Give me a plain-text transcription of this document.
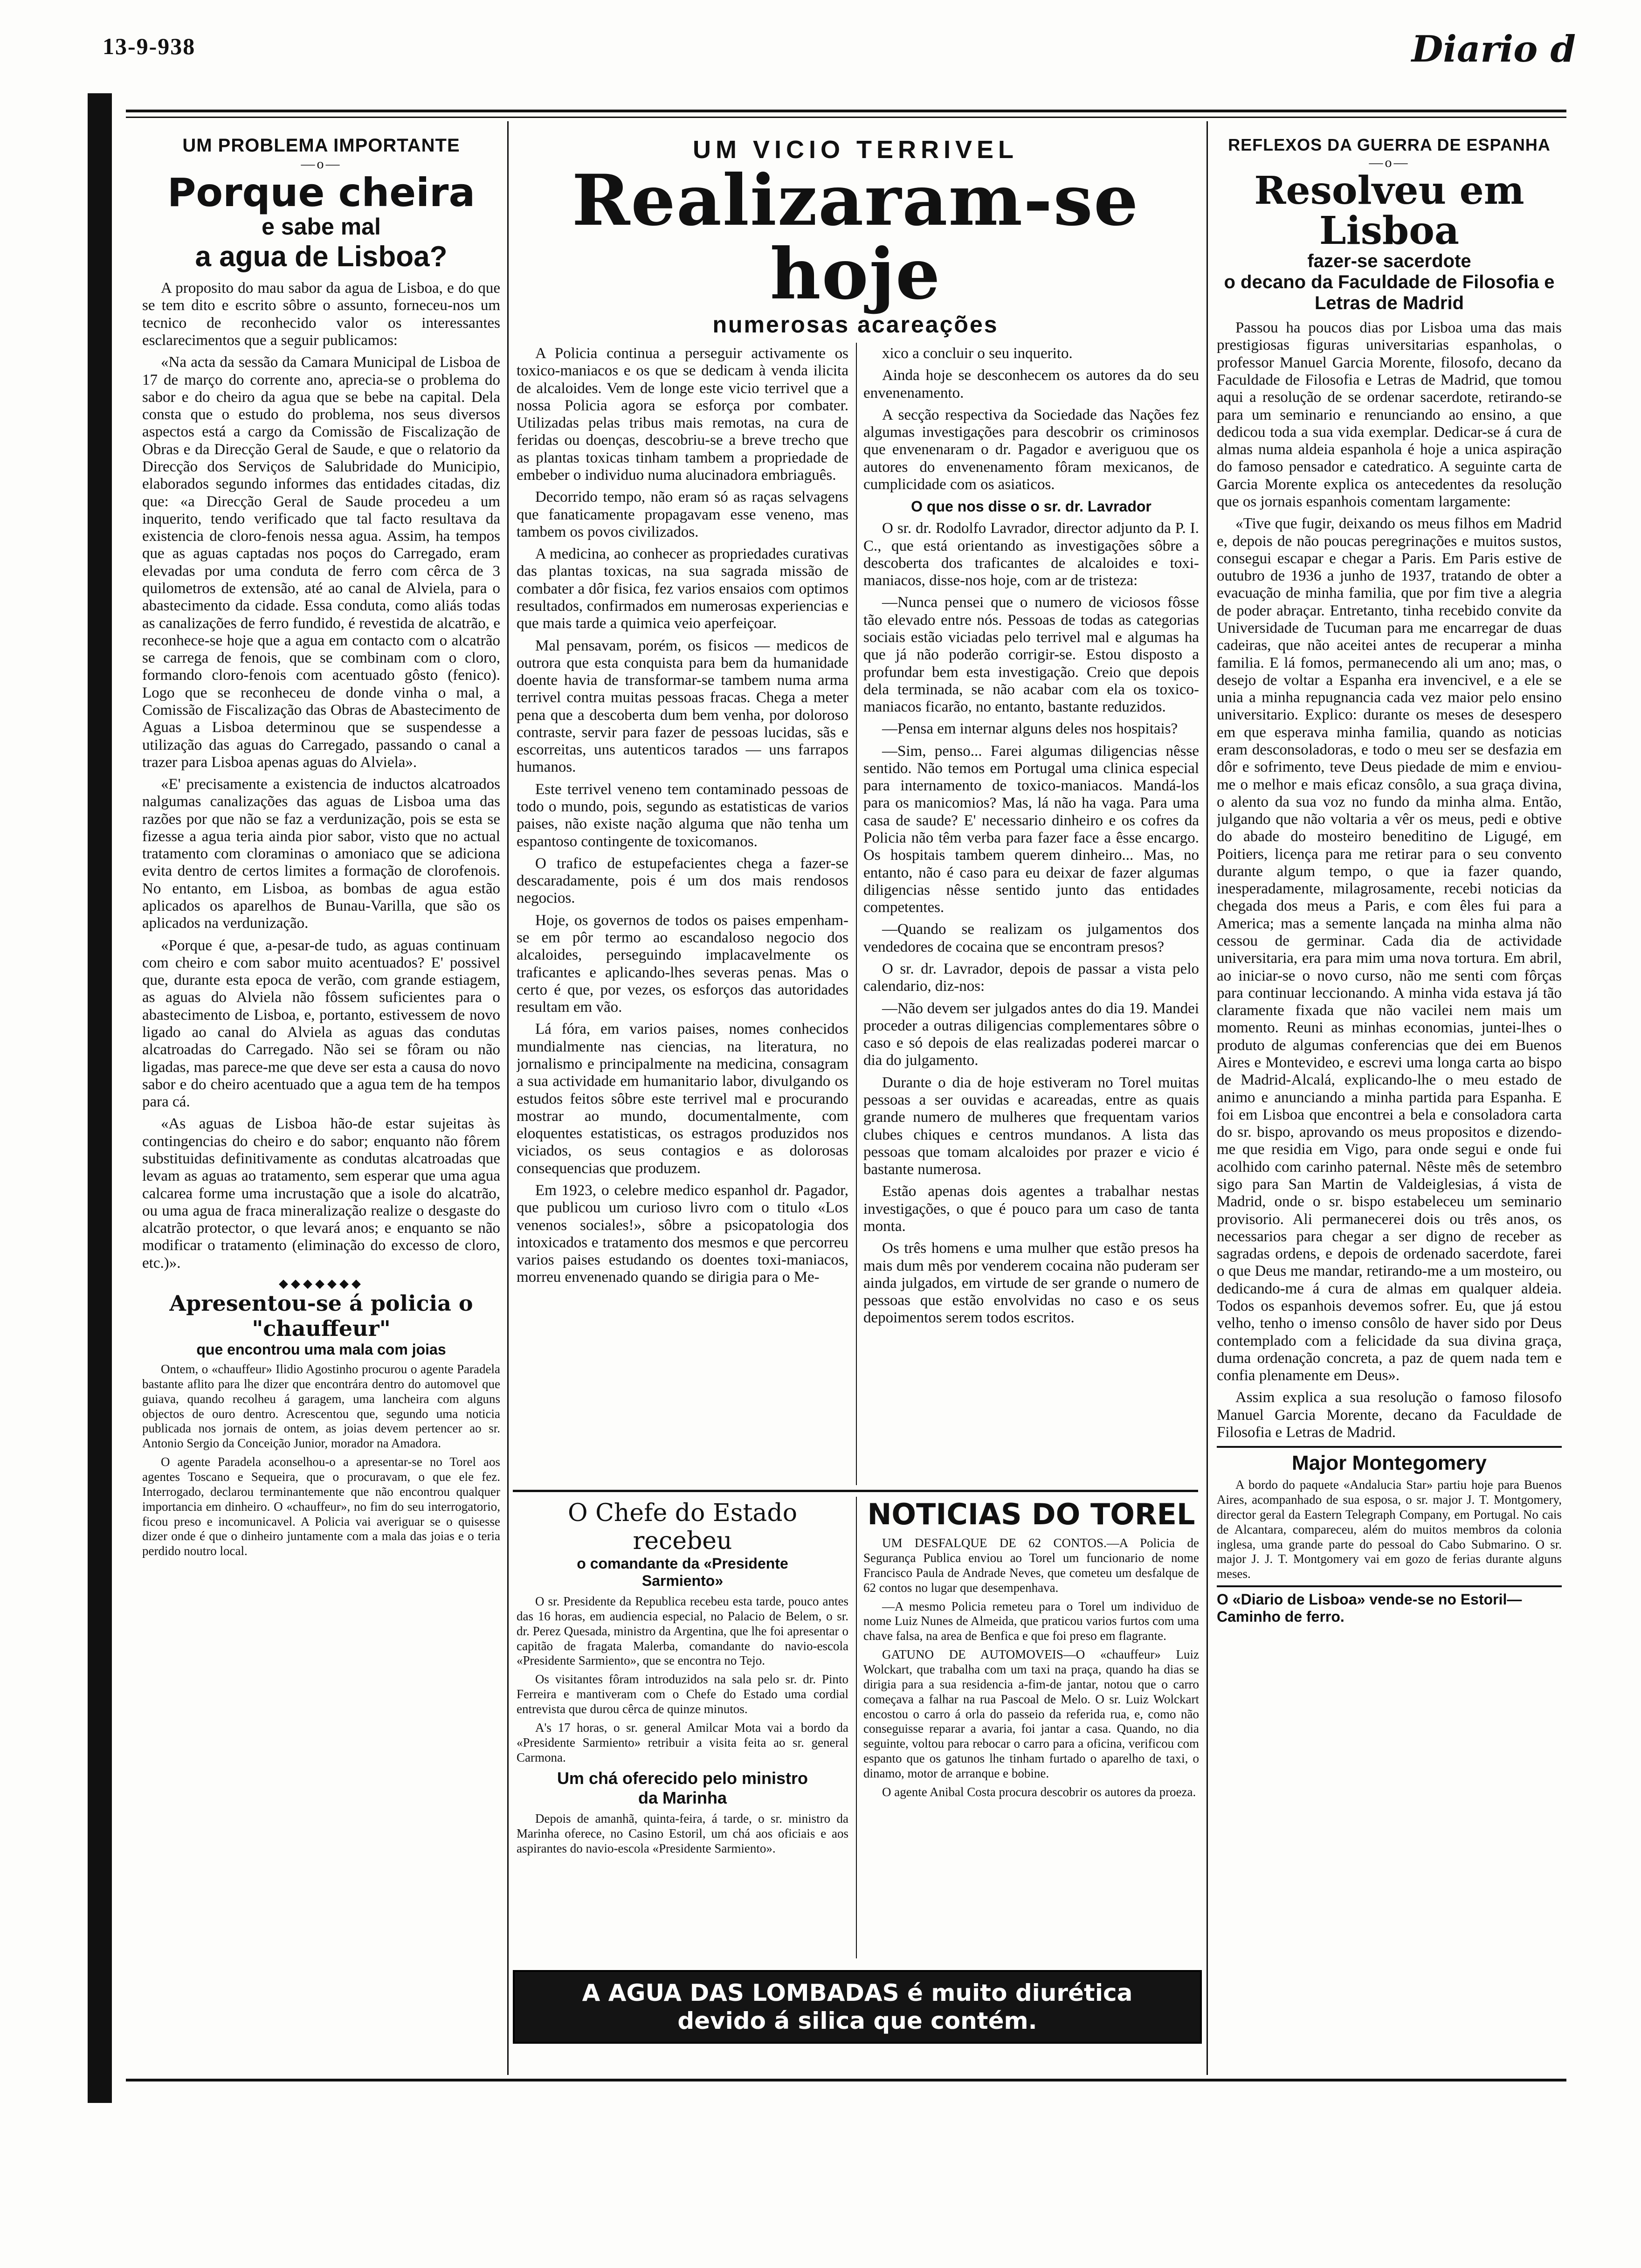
13-9-938	Diario d
UM PROBLEMA IMPORTANTE
—o—
Porque cheira
e sabe mal
a agua de Lisboa?

A proposito do mau sabor da agua de Lisboa, e do que se tem dito e escrito sôbre o assunto, forneceu-nos um tecnico de reconhecido valor os interessantes esclarecimentos que a seguir publicamos:

«Na acta da sessão da Camara Municipal de Lisboa de 17 de março do corrente ano, aprecia-se o problema do sabor e do cheiro da agua que se bebe na capital. Dela consta que o estudo do problema, nos seus diversos aspectos está a cargo da Comissão de Fiscalização de Obras e da Direcção Geral de Saude, e que o relatorio da Direcção dos Serviços de Salubridade do Municipio, elaborados segundo informes das entidades citadas, diz que: «a Direcção Geral de Saude procedeu a um inquerito, tendo verificado que tal facto resultava da existencia de cloro-fenois nessa agua. Assim, ha tempos que as aguas captadas nos poços do Carregado, eram elevadas por uma conduta de ferro com cêrca de 3 quilometros de extensão, até ao canal de Alviela, para o abastecimento da cidade. Essa conduta, como aliás todas as canalizações de ferro fundido, é revestida de alcatrão, e reconhece-se hoje que a agua em contacto com o alcatrão se carrega de fenois, que se combinam com o cloro, formando cloro-fenois com acentuado gôsto (fenico). Logo que se reconheceu de donde vinha o mal, a Comissão de Fiscalização das Obras de Abastecimento de Aguas a Lisboa determinou que se suspendesse a utilização das aguas do Carregado, passando o canal a trazer para Lisboa apenas aguas do Alviela».

«E' precisamente a existencia de inductos alcatroados nalgumas canalizações das aguas de Lisboa uma das razões por que não se faz a verdunização, pois se esta se fizesse a agua teria ainda pior sabor, visto que no actual tratamento com cloraminas o amoniaco que se adiciona evita dentro de certos limites a formação de clorofenois. No entanto, em Lisboa, as bombas de agua estão aplicados os aparelhos de Bunau-Varilla, que são os aplicados na verdunização.

«Porque é que, a-pesar-de tudo, as aguas continuam com cheiro e com sabor muito acentuados? E' possivel que, durante esta epoca de verão, com grande estiagem, as aguas do Alviela não fôssem suficientes para o abastecimento de Lisboa, e, portanto, estivessem de novo ligado ao canal do Alviela as aguas das condutas alcatroadas do Carregado. Não sei se fôram ou não ligadas, mas parece-me que deve ser esta a causa do novo sabor e do cheiro acentuado que a agua tem de ha tempos para cá.

«As aguas de Lisboa hão-de estar sujeitas às contingencias do cheiro e do sabor; enquanto não fôrem substituidas definitivamente as condutas alcatroadas que levam as aguas ao tratamento, sem esperar que uma agua calcarea forme uma incrustação que a isole do alcatrão, ou uma agua de fraca mineralização realize o desgaste do alcatrão protector, o que levará anos; e enquanto se não modificar o tratamento (eliminação do excesso de cloro, etc.)».

◆◆◆◆◆◆◆
Apresentou-se á policia o "chauffeur"
que encontrou uma mala com joias

Ontem, o «chauffeur» Ilidio Agostinho procurou o agente Paradela bastante aflito para lhe dizer que encontrára dentro do automovel que guiava, quando recolheu á garagem, uma lancheira com alguns objectos de ouro dentro. Acrescentou que, segundo uma noticia publicada nos jornais de ontem, as joias devem pertencer ao sr. Antonio Sergio da Conceição Junior, morador na Amadora.

O agente Paradela aconselhou-o a apresentar-se no Torel aos agentes Toscano e Sequeira, que o procuravam, o que ele fez. Interrogado, declarou terminantemente que não encontrou qualquer importancia em dinheiro. O «chauffeur», no fim do seu interrogatorio, ficou preso e incomunicavel. A Policia vai averiguar se o quisesse dizer onde é que o dinheiro juntamente com a mala das joias e o teria perdido noutro local.

UM VICIO TERRIVEL
Realizaram-se hoje
numerosas acareações

A Policia continua a perseguir activamente os toxico-maniacos e os que se dedicam à venda ilicita de alcaloides. Vem de longe este vicio terrivel que a nossa Policia agora se esforça por combater. Utilizadas pelas tribus mais remotas, na cura de feridas ou doenças, descobriu-se a breve trecho que as plantas toxicas tinham tambem a propriedade de embeber o individuo numa alucinadora embriaguês.

Decorrido tempo, não eram só as raças selvagens que fanaticamente propagavam esse veneno, mas tambem os povos civilizados.

A medicina, ao conhecer as propriedades curativas das plantas toxicas, na sua sagrada missão de combater a dôr fisica, fez varios ensaios com optimos resultados, confirmados em numerosas experiencias e que mais tarde a quimica veio aperfeiçoar.

Mal pensavam, porém, os fisicos — medicos de outrora que esta conquista para bem da humanidade doente havia de transformar-se tambem numa arma terrivel contra muitas pessoas fracas. Chega a meter pena que a descoberta dum bem venha, por doloroso contraste, servir para fazer de pessoas lucidas, sãs e escorreitas, uns autenticos tarados — uns farrapos humanos.

Este terrivel veneno tem contaminado pessoas de todo o mundo, pois, segundo as estatisticas de varios paises, não existe nação alguma que não tenha um espantoso contingente de toxicomanos.

O trafico de estupefacientes chega a fazer-se descaradamente, pois é um dos mais rendosos negocios.

Hoje, os governos de todos os paises empenham-se em pôr termo ao escandaloso negocio dos alcaloides, perseguindo implacavelmente os traficantes e aplicando-lhes severas penas. Mas o certo é que, por vezes, os esforços das autoridades resultam em vão.

Lá fóra, em varios paises, nomes conhecidos mundialmente nas ciencias, na literatura, no jornalismo e principalmente na medicina, consagram a sua actividade em humanitario labor, divulgando os estudos feitos sôbre este terrivel mal e procurando mostrar ao mundo, documentalmente, com eloquentes estatisticas, os estragos produzidos nos viciados, os seus contagios e as dolorosas consequencias que produzem.

Em 1923, o celebre medico espanhol dr. Pagador, que publicou um curioso livro com o titulo «Los venenos sociales!», sôbre a psicopatologia dos intoxicados e tratamento dos mesmos e que percorreu varios paises estudando os doentes toxi-maniacos, morreu envenenado quando se dirigia para o Me-

xico a concluir o seu inquerito.

Ainda hoje se desconhecem os autores da do seu envenenamento.

A secção respectiva da Sociedade das Nações fez algumas investigações para descobrir os criminosos que envenenaram o dr. Pagador e averiguou que os autores do envenenamento fôram mexicanos, de cumplicidade com os asiaticos.

O que nos disse o sr. dr. Lavrador

O sr. dr. Rodolfo Lavrador, director adjunto da P. I. C., que está orientando as investigações sôbre a descoberta dos traficantes de alcaloides e toxi-maniacos, disse-nos hoje, com ar de tristeza:

—Nunca pensei que o numero de viciosos fôsse tão elevado entre nós. Pessoas de todas as categorias sociais estão viciadas pelo terrivel mal e algumas ha que já não poderão corrigir-se. Estou disposto a profundar bem esta investigação. Creio que depois dela terminada, se não acabar com ela os toxico-maniacos ficarão, no entanto, bastante reduzidos.

—Pensa em internar alguns deles nos hospitais?

—Sim, penso... Farei algumas diligencias nêsse sentido. Não temos em Portugal uma clinica especial para internamento de toxico-maniacos. Mandá-los para os manicomios? Mas, lá não ha vaga. Para uma casa de saude? E' necessario dinheiro e os cofres da Policia não têm verba para fazer face a êsse encargo. Os hospitais tambem querem dinheiro... Mas, no entanto, não é caso para eu deixar de fazer algumas diligencias nêsse sentido junto das entidades competentes.

—Quando se realizam os julgamentos dos vendedores de cocaina que se encontram presos?

O sr. dr. Lavrador, depois de passar a vista pelo calendario, diz-nos:

—Não devem ser julgados antes do dia 19. Mandei proceder a outras diligencias complementares sôbre o caso e só depois de elas realizadas poderei marcar o dia do julgamento.

Durante o dia de hoje estiveram no Torel muitas pessoas a ser ouvidas e acareadas, entre as quais grande numero de mulheres que frequentam varios clubes chiques e centros mundanos. A lista das pessoas que tomam alcaloides por prazer e vicio é bastante numerosa.

Estão apenas dois agentes a trabalhar nestas investigações, o que é pouco para um caso de tanta monta.

Os três homens e uma mulher que estão presos ha mais dum mês por venderem cocaina não puderam ser ainda julgados, em virtude de ser grande o numero de pessoas que estão envolvidas no caso e os seus depoimentos serem todos escritos.

O Chefe do Estado recebeu
o comandante da «Presidente
Sarmiento»

O sr. Presidente da Republica recebeu esta tarde, pouco antes das 16 horas, em audiencia especial, no Palacio de Belem, o sr. dr. Perez Quesada, ministro da Argentina, que lhe foi apresentar o capitão de fragata Malerba, comandante do navio-escola «Presidente Sarmiento», que se encontra no Tejo.

Os visitantes fôram introduzidos na sala pelo sr. dr. Pinto Ferreira e mantiveram com o Chefe do Estado uma cordial entrevista que durou cêrca de quinze minutos.

A's 17 horas, o sr. general Amilcar Mota vai a bordo da «Presidente Sarmiento» retribuir a visita feita ao sr. general Carmona.

Um chá oferecido pelo ministro
da Marinha

Depois de amanhã, quinta-feira, á tarde, o sr. ministro da Marinha oferece, no Casino Estoril, um chá aos oficiais e aos aspirantes do navio-escola «Presidente Sarmiento».

NOTICIAS DO TOREL

UM DESFALQUE DE 62 CONTOS.—A Policia de Segurança Publica enviou ao Torel um funcionario de nome Francisco Paula de Andrade Neves, que cometeu um desfalque de 62 contos no lugar que desempenhava.

—A mesmo Policia remeteu para o Torel um individuo de nome Luiz Nunes de Almeida, que praticou varios furtos com uma chave falsa, na area de Benfica e que foi preso em flagrante.

GATUNO DE AUTOMOVEIS—O «chauffeur» Luiz Wolckart, que trabalha com um taxi na praça, quando ha dias se dirigia para a sua residencia a-fim-de jantar, notou que o carro começava a falhar na rua Pascoal de Melo. O sr. Luiz Wolckart encostou o carro á orla do passeio da referida rua, e, como não conseguisse reparar a avaria, foi jantar a casa. Quando, no dia seguinte, voltou para rebocar o carro para a oficina, verificou com espanto que os gatunos lhe tinham furtado o aparelho de taxi, o dinamo, motor de arranque e bobine.

O agente Anibal Costa procura descobrir os autores da proeza.

A AGUA DAS LOMBADAS é muito diurética
devido á silica que contém.
REFLEXOS DA GUERRA DE ESPANHA
—o—
Resolveu em Lisboa
fazer-se sacerdote
o decano da Faculdade de Filosofia e Letras de Madrid

Passou ha poucos dias por Lisboa uma das mais prestigiosas figuras universitarias espanholas, o professor Manuel Garcia Morente, filosofo, decano da Faculdade de Filosofia e Letras de Madrid, que tomou aqui a resolução de se ordenar sacerdote, retirando-se para um seminario e renunciando ao ensino, a que dedicou toda a sua vida exemplar. Dedicar-se á cura de almas numa aldeia espanhola é hoje a unica aspiração do famoso pensador e catedratico. A seguinte carta de Garcia Morente explica os antecedentes da resolução que os jornais espanhois comentam largamente:

«Tive que fugir, deixando os meus filhos em Madrid e, depois de não poucas peregrinações e muitos sustos, consegui escapar e chegar a Paris. Em Paris estive de outubro de 1936 a junho de 1937, tratando de obter a evacuação de minha familia, que por fim tive a alegria de poder abraçar. Entretanto, tinha recebido convite da Universidade de Tucuman para me encarregar de duas cadeiras, que não aceitei antes de recuperar a minha familia. E lá fomos, permanecendo ali um ano; mas, o desejo de voltar a Espanha era invencivel, e a ele se unia a minha repugnancia cada vez maior pelo ensino universitario. Explico: durante os meses de desespero em que esperava minha familia, quando as noticias eram desconsoladoras, e todo o meu ser se desfazia em dôr e sofrimento, teve Deus piedade de mim e enviou-me o melhor e mais eficaz consôlo, a sua graça divina, o alento da sua voz no fundo da minha alma. Então, julgando que não voltaria a vêr os meus, pedi e obtive do abade do mosteiro beneditino de Ligugé, em Poitiers, licença para me retirar para o seu convento durante algum tempo, o que ia fazer quando, inesperadamente, milagrosamente, recebi noticias da chegada dos meus a Paris, e com êles fui para a America; mas a semente lançada na minha alma não cessou de germinar. Cada dia de actividade universitaria, era para mim uma nova tortura. Em abril, ao iniciar-se o novo curso, não me senti com fôrças para continuar leccionando. A minha vida estava já tão claramente fixada que não vacilei nem mais um momento. Reuni as minhas economias, juntei-lhes o produto de algumas conferencias que dei em Buenos Aires e Montevideo, e escrevi uma longa carta ao bispo de Madrid-Alcalá, explicando-lhe o meu estado de animo e anunciando a minha partida para Espanha. E foi em Lisboa que encontrei a bela e consoladora carta do sr. bispo, aprovando os meus propositos e dizendo-me que residia em Vigo, para onde segui e onde fui acolhido com carinho paternal. Nêste mês de setembro sigo para San Martin de Valdeiglesias, á vista de Madrid, onde o sr. bispo estabeleceu um seminario provisorio. Ali permanecerei dois ou três anos, os necessarios para chegar a ser digno de receber as sagradas ordens, e depois de ordenado sacerdote, farei o que Deus me mandar, retirando-me a um mosteiro, ou dedicando-me á cura de almas em qualquer aldeia. Todos os espanhois devemos sofrer. Eu, que já estou velho, tenho o imenso consôlo de haver sido por Deus contemplado com a felicidade da sua divina graça, duma ordenação concreta, a paz de quem nada tem e confia plenamente em Deus».

Assim explica a sua resolução o famoso filosofo Manuel Garcia Morente, decano da Faculdade de Filosofia e Letras de Madrid.

Major Montegomery

A bordo do paquete «Andalucia Star» partiu hoje para Buenos Aires, acompanhado de sua esposa, o sr. major J. T. Montgomery, director geral da Eastern Telegraph Company, em Portugal. No cais de Alcantara, compareceu, além do muitos membros da colonia inglesa, uma grande parte do pessoal do Cabo Submarino. O sr. major J. J. T. Montgomery vai em gozo de ferias durante alguns meses.

O «Diario de Lisboa» vende-se no Estoril—Caminho de ferro.
